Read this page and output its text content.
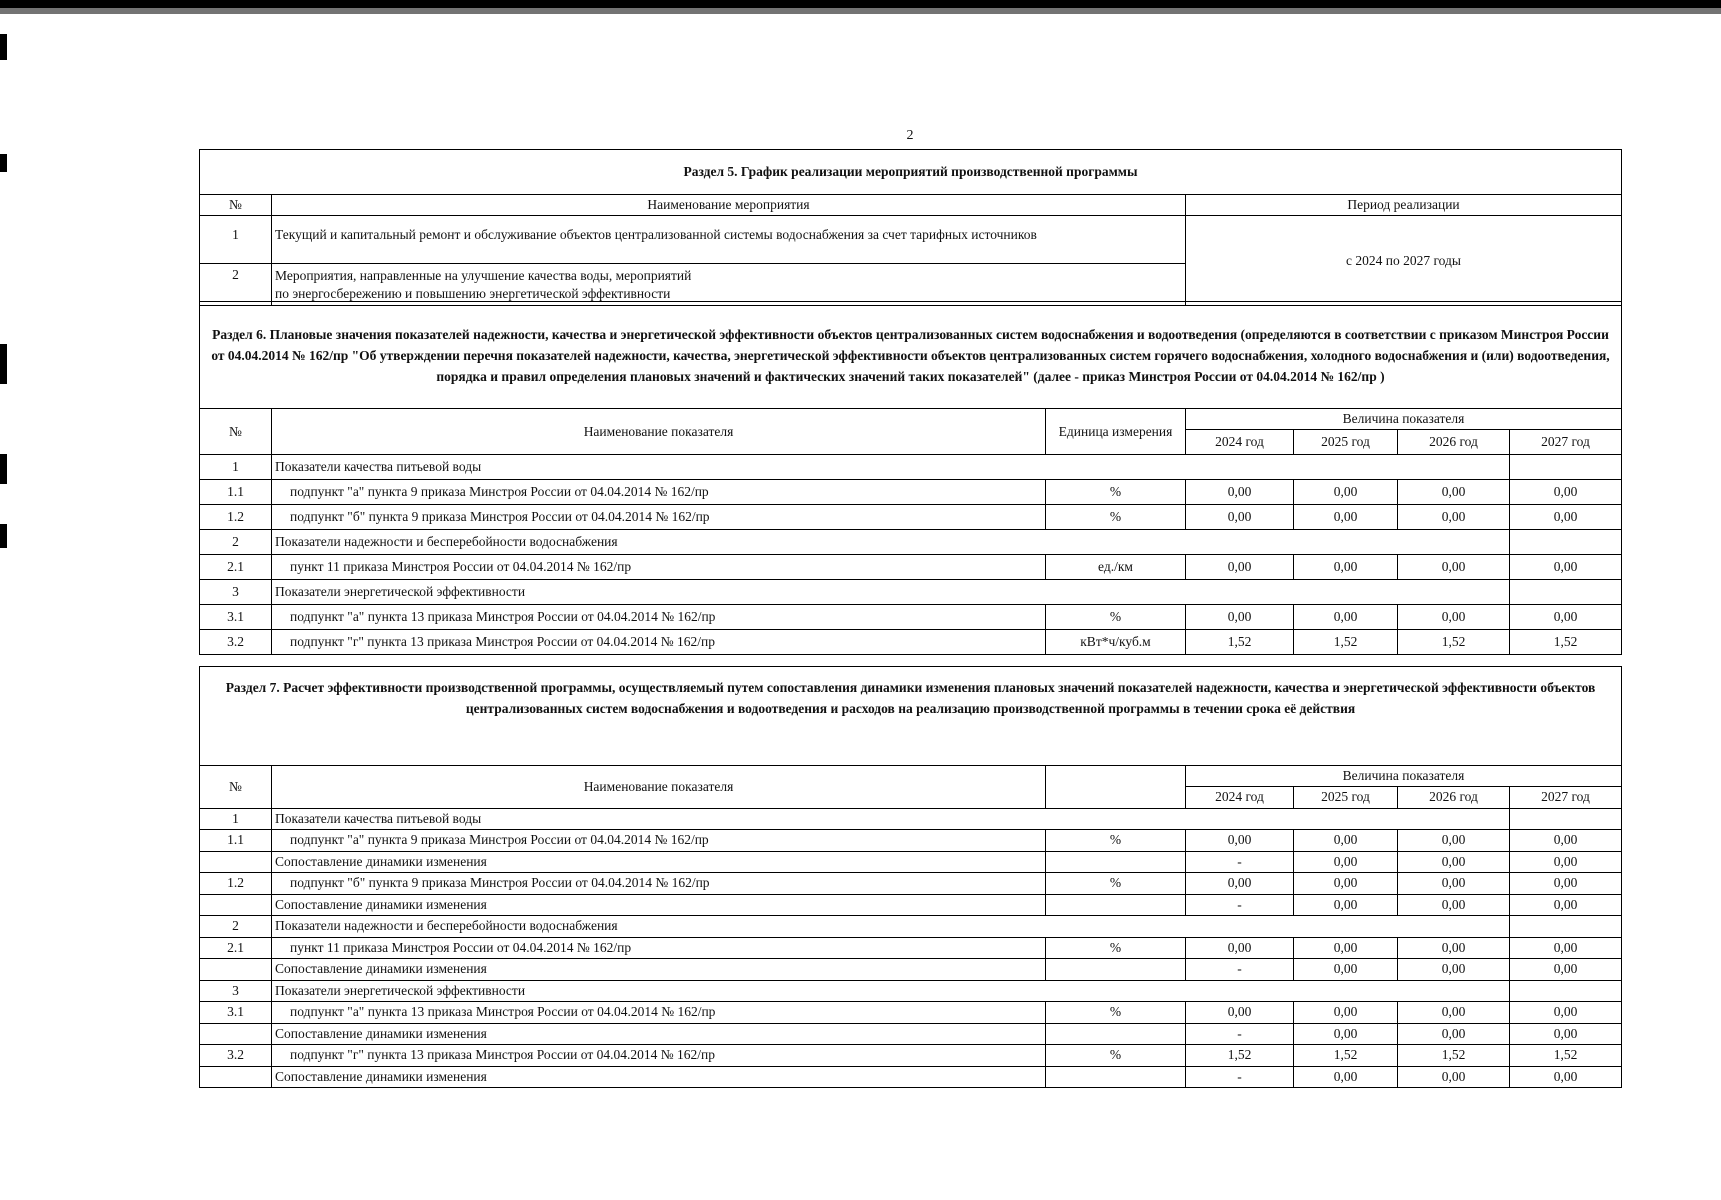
2
Раздел 5. График реализации мероприятий производственной программы		
№	Наименование мероприятия	Период реализации
1	Текущий и капитальный ремонт и обслуживание объектов централизованной системы водоснабжения за счет тарифных источников	с 2024 по 2027 годы
2	Мероприятия, направленные на улучшение качества воды, мероприятий
по энергосбережению и повышению энергетической эффективности	
Раздел 6. Плановые значения показателей надежности, качества и энергетической эффективности объектов централизованных систем водоснабжения и водоотведения (определяются в соответствии с приказом Минстроя России от 04.04.2014 № 162/пр "Об утверждении перечня показателей надежности, качества, энергетической эффективности объектов централизованных систем горячего водоснабжения, холодного водоснабжения и (или) водоотведения, порядка и правил определения плановых значений и фактических значений таких показателей" (далее - приказ Минстроя России от 04.04.2014 № 162/пр )						
№	Наименование показателя	Единица измерения	Величина показателя			
			2024 год	2025 год	2026 год	2027 год
1	Показатели качества питьевой воды					
1.1	подпункт "а" пункта 9 приказа Минстроя России от 04.04.2014 № 162/пр	%	0,00	0,00	0,00	0,00
1.2	подпункт "б" пункта 9 приказа Минстроя России от 04.04.2014 № 162/пр	%	0,00	0,00	0,00	0,00
2	Показатели надежности и бесперебойности водоснабжения					
2.1	пункт 11 приказа Минстроя России от 04.04.2014 № 162/пр	ед./км	0,00	0,00	0,00	0,00
3	Показатели энергетической эффективности					
3.1	подпункт "а" пункта 13 приказа Минстроя России от 04.04.2014 № 162/пр	%	0,00	0,00	0,00	0,00
3.2	подпункт "г" пункта 13 приказа Минстроя России от 04.04.2014 № 162/пр	кВт*ч/куб.м	1,52	1,52	1,52	1,52
Раздел 7. Расчет эффективности производственной программы, осуществляемый путем сопоставления динамики изменения плановых значений показателей надежности, качества и энергетической эффективности объектов централизованных систем водоснабжения и водоотведения и расходов на реализацию производственной программы в течении срока её действия						
№	Наименование показателя		Величина показателя			
			2024 год	2025 год	2026 год	2027 год
1	Показатели качества питьевой воды					
1.1	подпункт "а" пункта 9 приказа Минстроя России от 04.04.2014 № 162/пр	%	0,00	0,00	0,00	0,00
	Сопоставление динамики изменения		-	0,00	0,00	0,00
1.2	подпункт "б" пункта 9 приказа Минстроя России от 04.04.2014 № 162/пр	%	0,00	0,00	0,00	0,00
	Сопоставление динамики изменения		-	0,00	0,00	0,00
2	Показатели надежности и бесперебойности водоснабжения					
2.1	пункт 11 приказа Минстроя России от 04.04.2014 № 162/пр	%	0,00	0,00	0,00	0,00
	Сопоставление динамики изменения		-	0,00	0,00	0,00
3	Показатели энергетической эффективности					
3.1	подпункт "а" пункта 13 приказа Минстроя России от 04.04.2014 № 162/пр	%	0,00	0,00	0,00	0,00
	Сопоставление динамики изменения		-	0,00	0,00	0,00
3.2	подпункт "г" пункта 13 приказа Минстроя России от 04.04.2014 № 162/пр	%	1,52	1,52	1,52	1,52
	Сопоставление динамики изменения		-	0,00	0,00	0,00
